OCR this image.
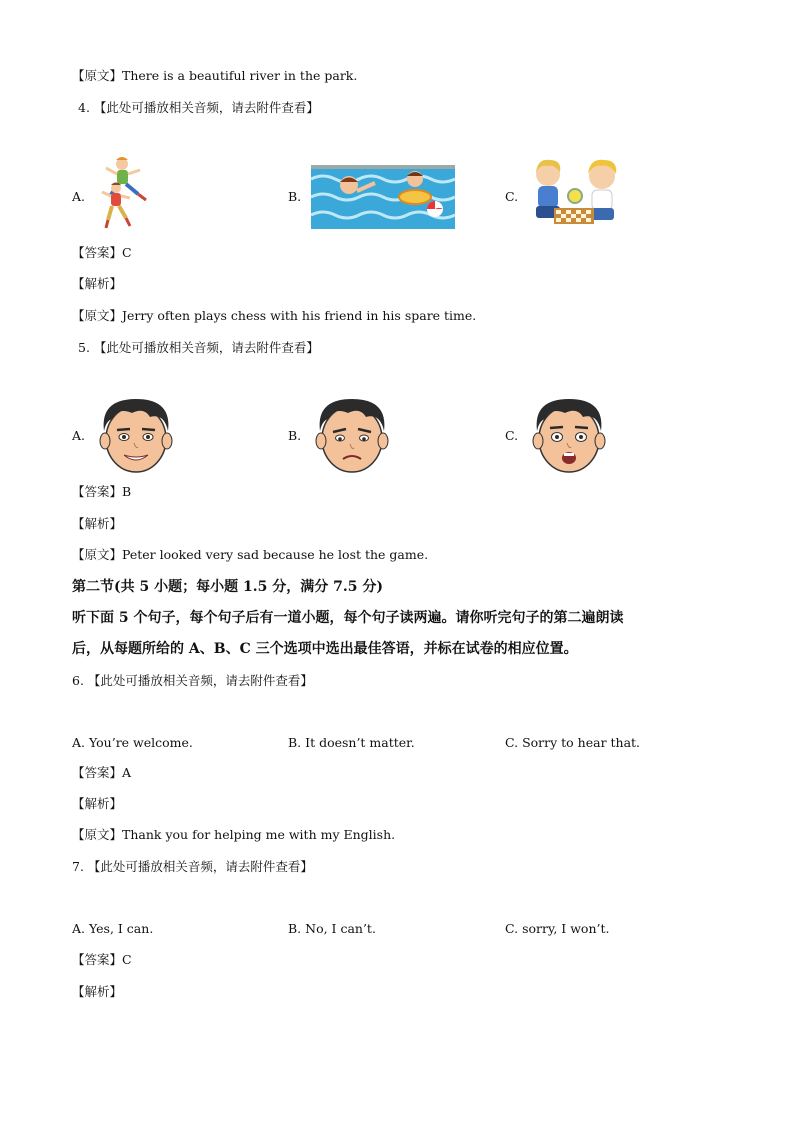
【原文】There is a beautiful river in the park.
4. 【此处可播放相关音频，请去附件查看】
A.	B.	C.
【答案】C
【解析】
【原文】Jerry often plays chess with his friend in his spare time.
5. 【此处可播放相关音频，请去附件查看】
A.	B.	C.
【答案】B
【解析】
【原文】Peter looked very sad because he lost the game.
第二节(共 5 小题；每小题 1.5 分，满分 7.5 分)
听下面 5 个句子，每个句子后有一道小题，每个句子读两遍。请你听完句子的第二遍朗读
后，从每题所给的 A、B、C 三个选项中选出最佳答语，并标在试卷的相应位置。
6. 【此处可播放相关音频，请去附件查看】
A. You’re welcome.	B. It doesn’t matter.	C. Sorry to hear that.
【答案】A
【解析】
【原文】Thank you for helping me with my English.
7. 【此处可播放相关音频，请去附件查看】
A. Yes, I can.	B. No, I can’t.	C. sorry, I won’t.
【答案】C
【解析】
